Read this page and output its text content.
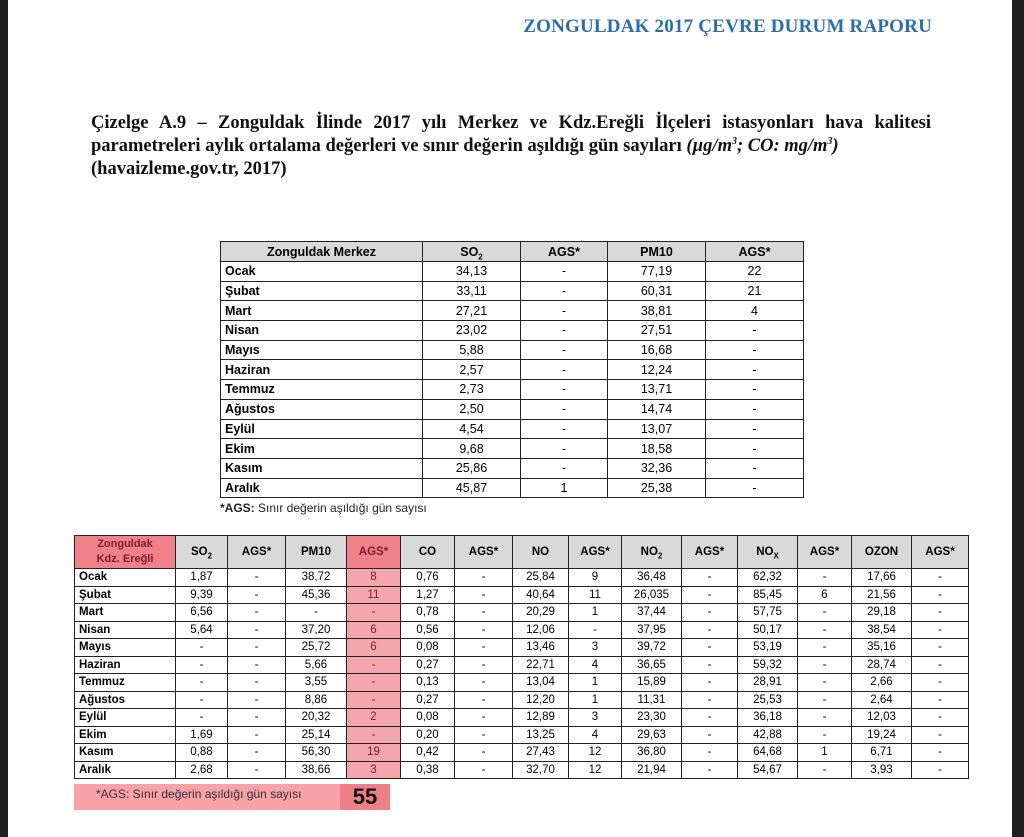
ZONGULDAK 2017 ÇEVRE DURUM RAPORU
Çizelge A.9 – Zonguldak İlinde 2017 yılı Merkez ve Kdz.Ereğli İlçeleri istasyonları hava kalitesi parametreleri aylık ortalama değerleri ve sınır değerin aşıldığı gün sayıları ($\mu g/m^3$; CO: $mg/m^3$)
(havaizleme.gov.tr, 2017)
Zonguldak Merkez	$SO_2$	AGS*	PM10	AGS*
Ocak	34,13	-	77,19	22
Şubat	33,11	-	60,31	21
Mart	27,21	-	38,81	4
Nisan	23,02	-	27,51	-
Mayıs	5,88	-	16,68	-
Haziran	2,57	-	12,24	-
Temmuz	2,73	-	13,71	-
Ağustos	2,50	-	14,74	-
Eylül	4,54	-	13,07	-
Ekim	9,68	-	18,58	-
Kasım	25,86	-	32,36	-
Aralık	45,87	1	25,38	-
*AGS: Sınır değerin aşıldığı gün sayısı
Zonguldak
Kdz. Ereğli	$SO_2$	AGS*	PM10	AGS*	CO	AGS*	NO	AGS*	$NO_2$	AGS*	$NO_X$	AGS*	OZON	AGS*
Ocak	1,87	-	38,72	8	0,76	-	25,84	9	36,48	-	62,32	-	17,66	-
Şubat	9,39	-	45,36	11	1,27	-	40,64	11	26,035	-	85,45	6	21,56	-
Mart	6,56	-	-	-	0,78	-	20,29	1	37,44	-	57,75	-	29,18	-
Nisan	5,64	-	37,20	6	0,56	-	12,06	-	37,95	-	50,17	-	38,54	-
Mayıs	-	-	25,72	6	0,08	-	13,46	3	39,72	-	53,19	-	35,16	-
Haziran	-	-	5,66	-	0,27	-	22,71	4	36,65	-	59,32	-	28,74	-
Temmuz	-	-	3,55	-	0,13	-	13,04	1	15,89	-	28,91	-	2,66	-
Ağustos	-	-	8,86	-	0,27	-	12,20	1	11,31	-	25,53	-	2,64	-
Eylül	-	-	20,32	2	0,08	-	12,89	3	23,30	-	36,18	-	12,03	-
Ekim	1,69	-	25,14	-	0,20	-	13,25	4	29,63	-	42,88	-	19,24	-
Kasım	0,88	-	56,30	19	0,42	-	27,43	12	36,80	-	64,68	1	6,71	-
Aralık	2,68	-	38,66	3	0,38	-	32,70	12	21,94	-	54,67	-	3,93	-
*AGS: Sınır değerin aşıldığı gün sayısı	55
